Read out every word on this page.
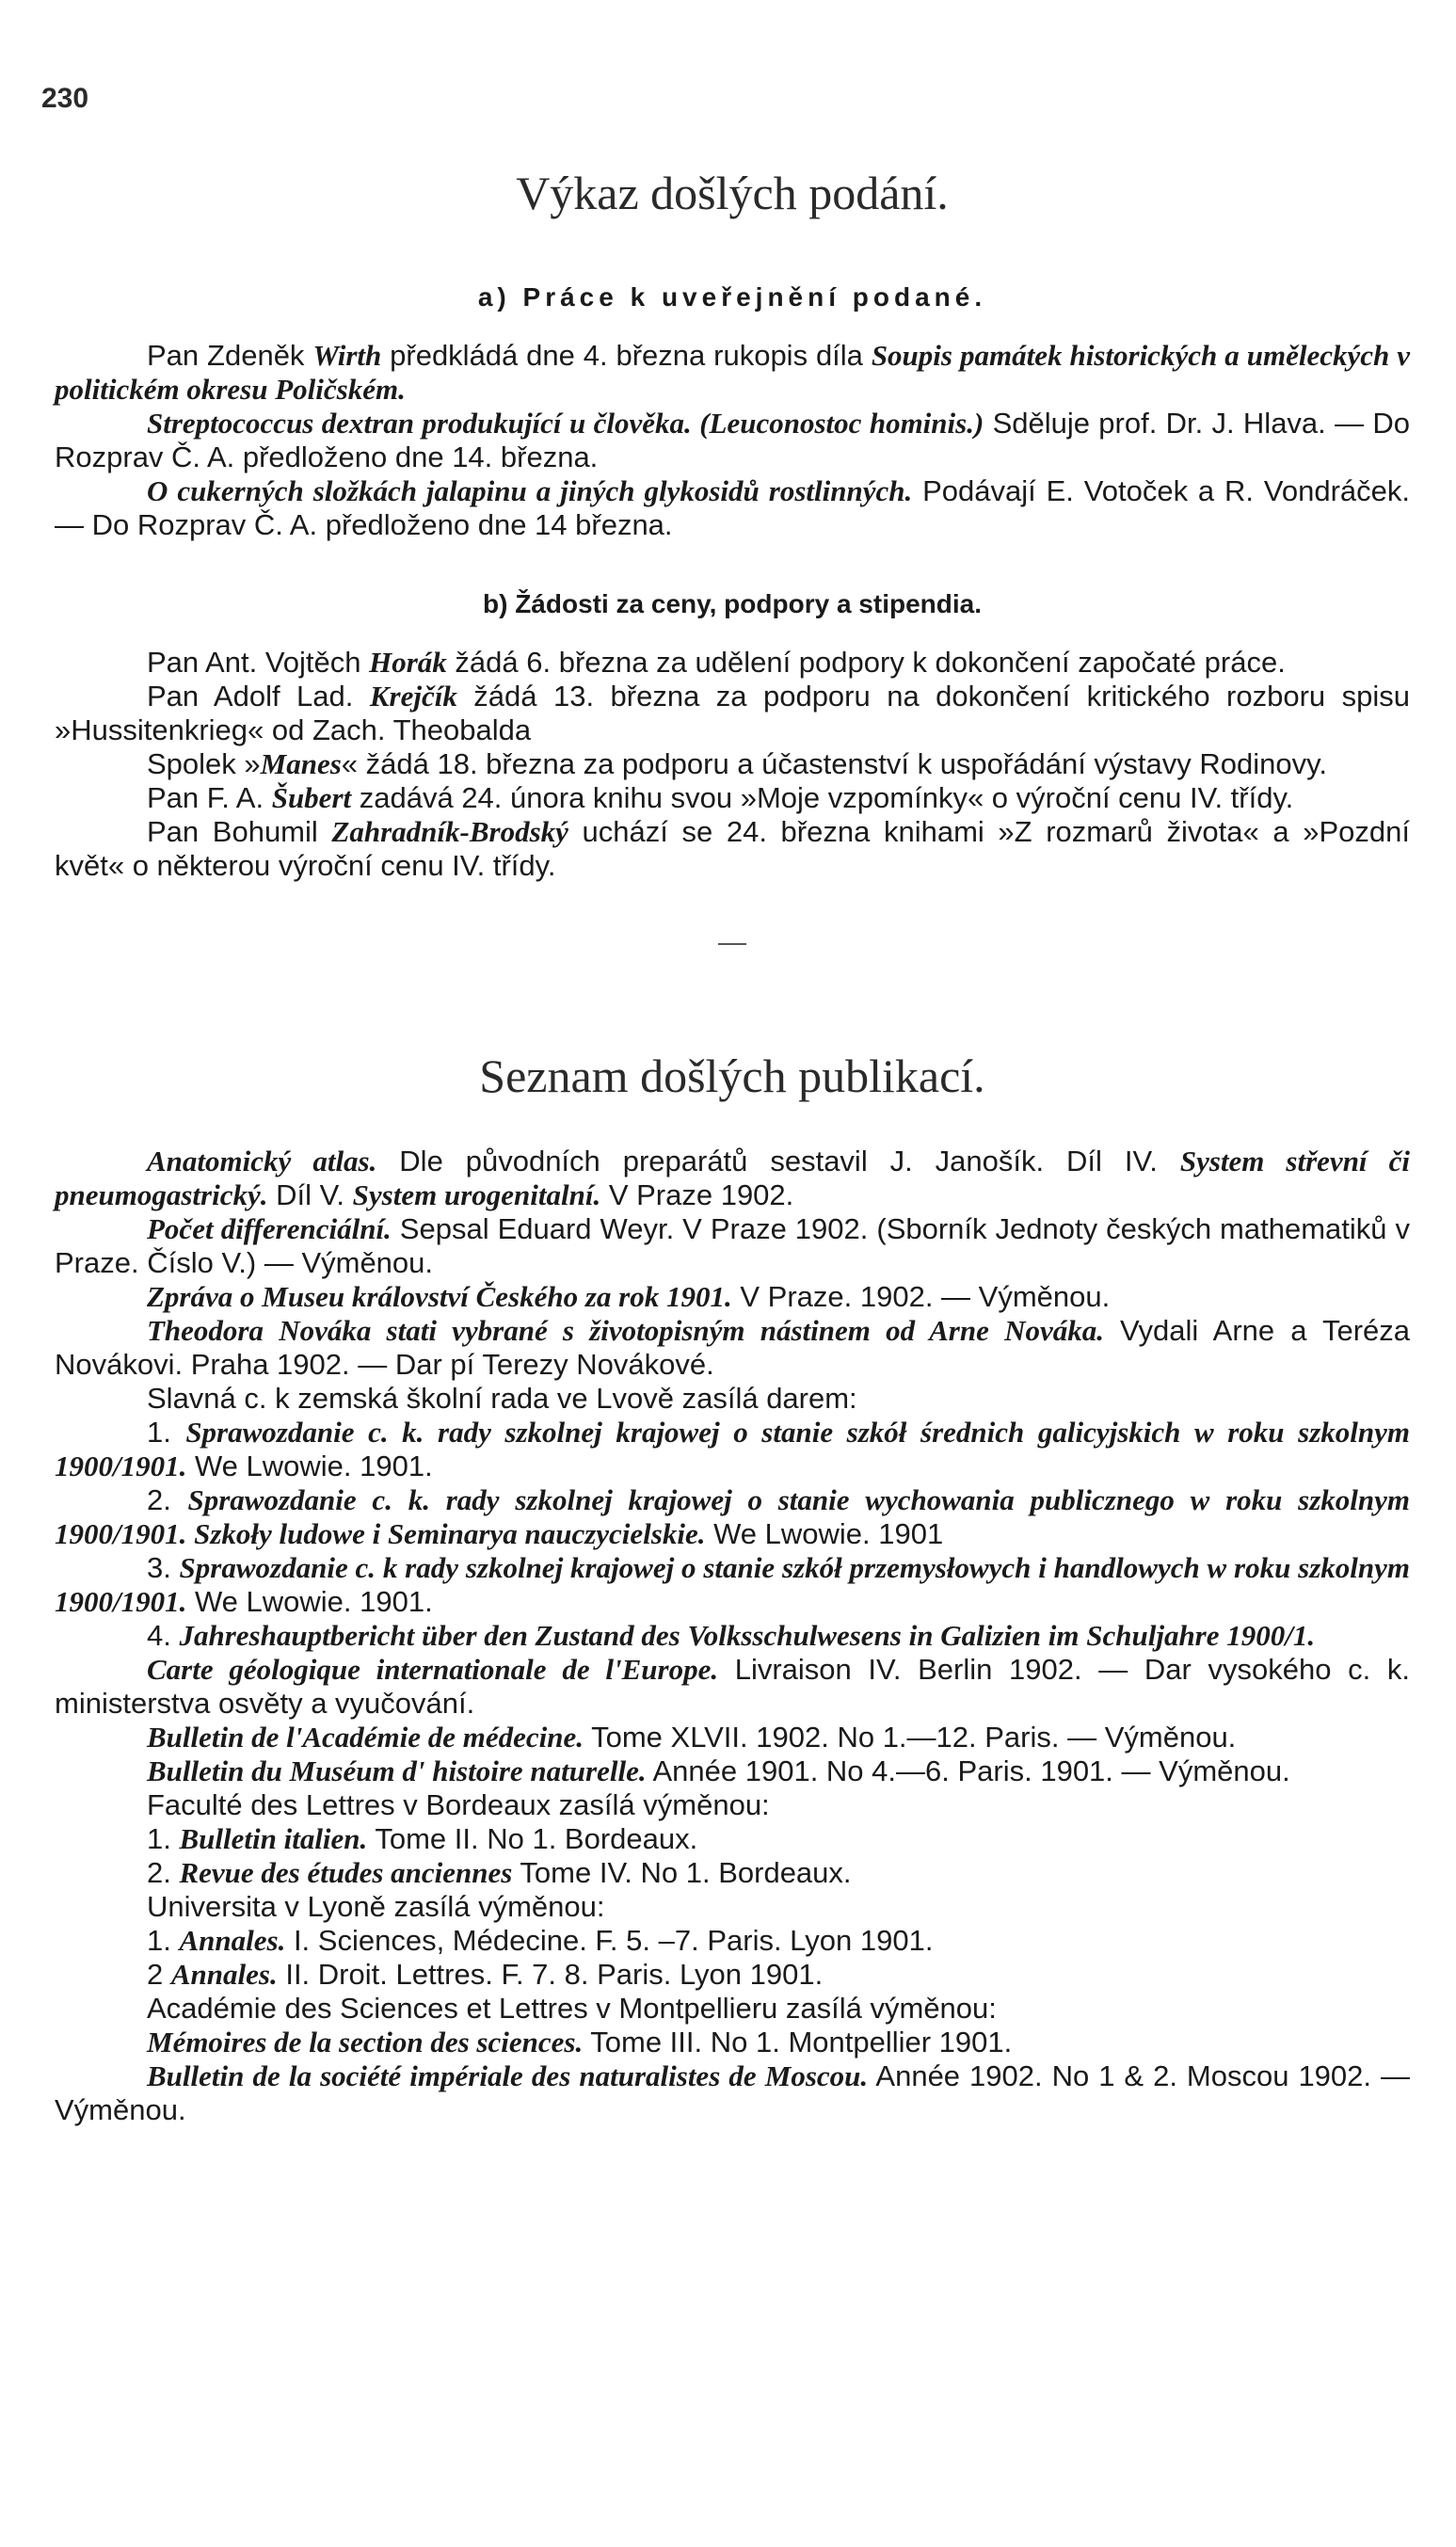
230
Výkaz došlých podání.

a) Práce k uveřejnění podané.

Pan Zdeněk Wirth předkládá dne 4. března rukopis díla Soupis památek historických a uměleckých v politickém okresu Poličském.

Streptococcus dextran produkující u člověka. (Leuconostoc hominis.) Sděluje prof. Dr. J. Hlava. — Do Rozprav Č. A. předloženo dne 14. března.

O cukerných složkách jalapinu a jiných glykosidů rostlinných. Podávají E. Votoček a R. Vondráček. — Do Rozprav Č. A. předloženo dne 14 března.

b) Žádosti za ceny, podpory a stipendia.

Pan Ant. Vojtěch Horák žádá 6. března za udělení podpory k dokončení započaté práce.

Pan Adolf Lad. Krejčík žádá 13. března za podporu na dokončení kritického rozboru spisu »Hussitenkrieg« od Zach. Theobalda

Spolek »Manes« žádá 18. března za podporu a účastenství k uspořádání výstavy Rodinovy.

Pan F. A. Šubert zadává 24. února knihu svou »Moje vzpomínky« o výroční cenu IV. třídy.

Pan Bohumil Zahradník-Brodský uchází se 24. března knihami »Z rozmarů života« a »Pozdní květ« o některou výroční cenu IV. třídy.

Seznam došlých publikací.

Anatomický atlas. Dle původních preparátů sestavil J. Janošík. Díl IV. System střevní či pneumogastrický. Díl V. System urogenitalní. V Praze 1902.

Počet differenciální. Sepsal Eduard Weyr. V Praze 1902. (Sborník Jednoty českých mathematiků v Praze. Číslo V.) — Výměnou.

Zpráva o Museu království Českého za rok 1901. V Praze. 1902. — Výměnou.

Theodora Nováka stati vybrané s životopisným nástinem od Arne Nováka. Vydali Arne a Teréza Novákovi. Praha 1902. — Dar pí Terezy Novákové.

Slavná c. k zemská školní rada ve Lvově zasílá darem:

1. Sprawozdanie c. k. rady szkolnej krajowej o stanie szkół średnich galicyjskich w roku szkolnym 1900/1901. We Lwowie. 1901.

2. Sprawozdanie c. k. rady szkolnej krajowej o stanie wychowania publicznego w roku szkolnym 1900/1901. Szkoły ludowe i Seminarya nauczycielskie. We Lwowie. 1901

3. Sprawozdanie c. k rady szkolnej krajowej o stanie szkół przemysłowych i handlowych w roku szkolnym 1900/1901. We Lwowie. 1901.

4. Jahreshauptbericht über den Zustand des Volksschulwesens in Galizien im Schuljahre 1900/1.

Carte géologique internationale de l'Europe. Livraison IV. Berlin 1902. — Dar vysokého c. k. ministerstva osvěty a vyučování.

Bulletin de l'Académie de médecine. Tome XLVII. 1902. No 1.—12. Paris. — Výměnou.

Bulletin du Muséum d' histoire naturelle. Année 1901. No 4.—6. Paris. 1901. — Výměnou.

Faculté des Lettres v Bordeaux zasílá výměnou:

1. Bulletin italien. Tome II. No 1. Bordeaux.

2. Revue des études anciennes Tome IV. No 1. Bordeaux.

Universita v Lyoně zasílá výměnou:

1. Annales. I. Sciences, Médecine. F. 5. –7. Paris. Lyon 1901.

2 Annales. II. Droit. Lettres. F. 7. 8. Paris. Lyon 1901.

Académie des Sciences et Lettres v Montpellieru zasílá výměnou:

Mémoires de la section des sciences. Tome III. No 1. Montpellier 1901.

Bulletin de la société impériale des naturalistes de Moscou. Année 1902. No 1 & 2. Moscou 1902. — Výměnou.
